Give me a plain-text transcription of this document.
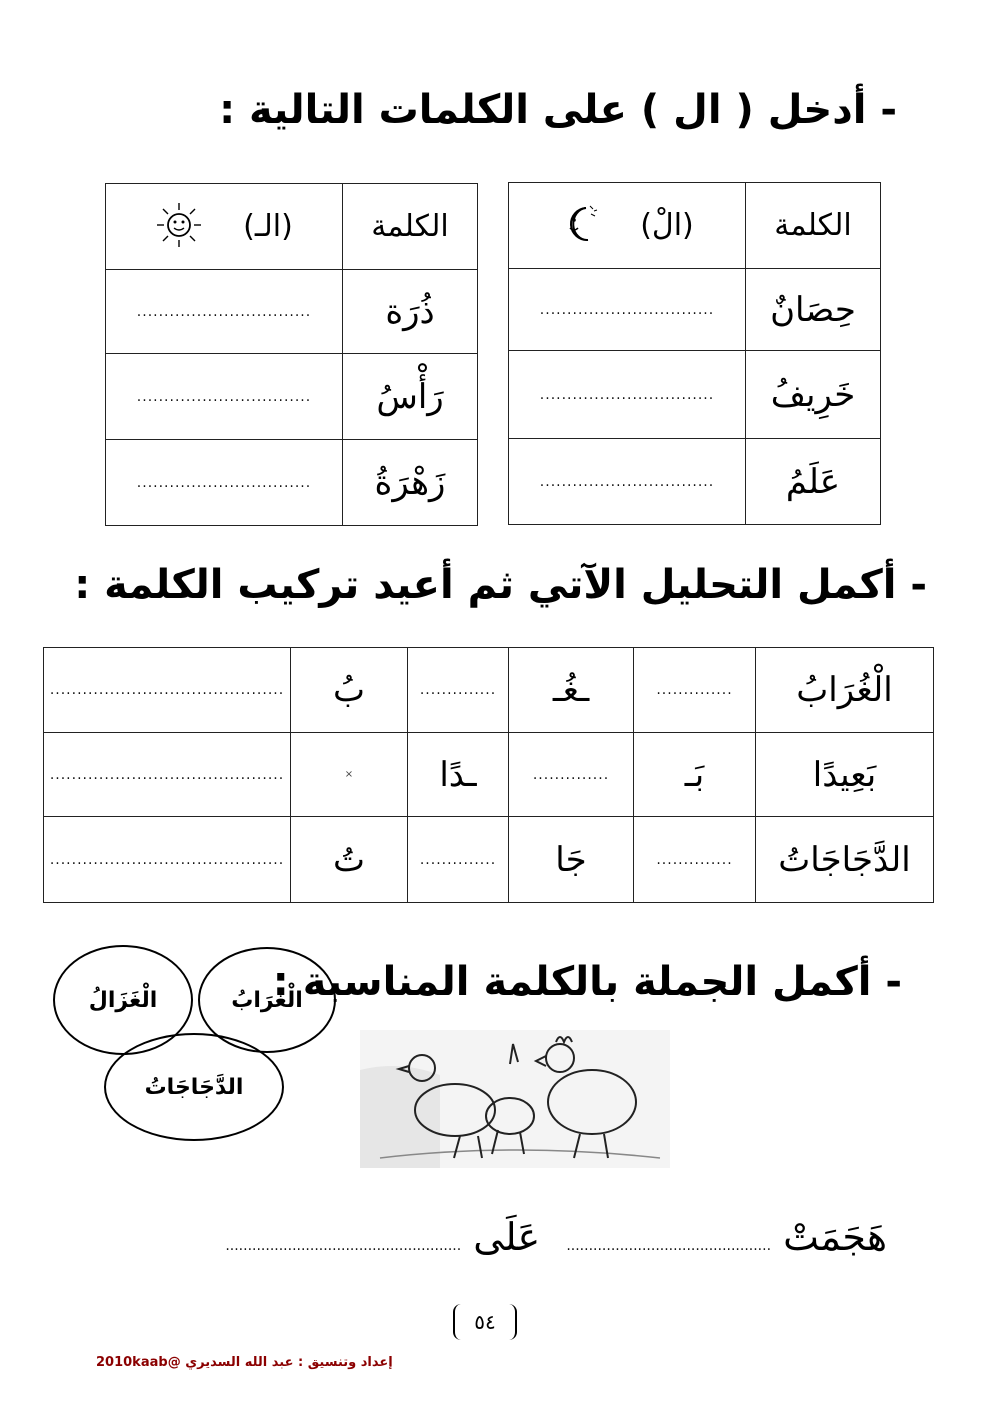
- أدخل ( ال ) على الكلمات التالية :
الكلمة	(الْ)

حِصَانٌ	................................
خَرِيفُ	................................
عَلَمُ	................................
الكلمة	(الـ)

ذُرَة	................................
رَأْسُ	................................
زَهْرَةُ	................................
- أكمل التحليل الآتي ثم أعيد تركيب الكلمة :
الْغُرَابُ	..............	ـغُـ	..............	بُ	...........................................
بَعِيدًا	بَـ	..............	ـدًا	×	...........................................
الدَّجَاجَاتُ	..............	جَا	..............	تُ	...........................................
- أكمل الجملة بالكلمة المناسبة :
الْغُرَابُ
الْغَزَالُ
الدَّجَاجَاتُ
هَجَمَتْ .............................................. عَلَى .....................................................
٥٤
إعداد وتنسيق : عبد الله السديري @2010kaab
